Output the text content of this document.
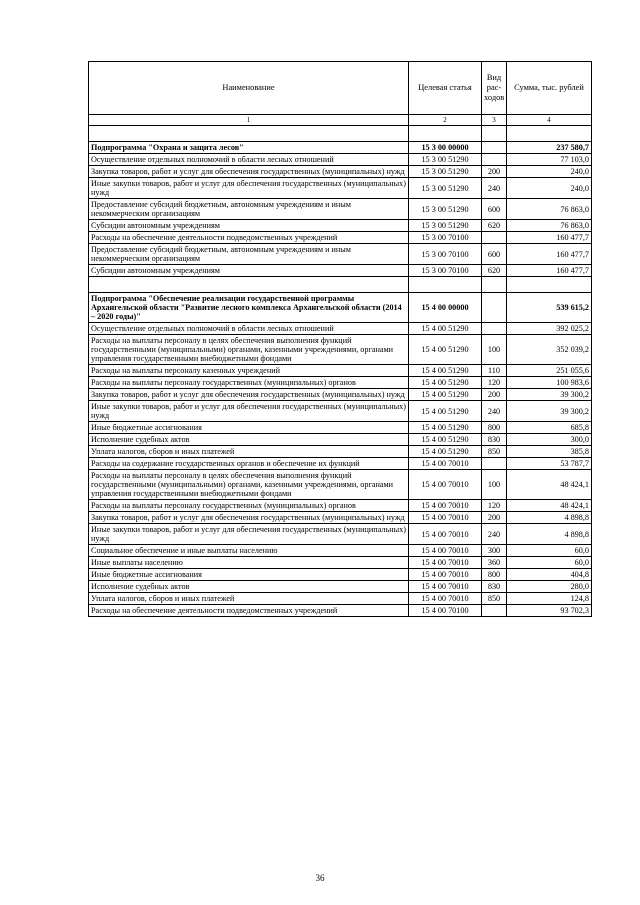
Наименование	Целевая статья	Вид рас-ходов	Сумма, тыс. рублей
1	2	3	4

Подпрограмма "Охрана и защита лесов"	15 3 00 00000		237 580,7
Осуществление отдельных полномочий в области лесных отношений	15 3 00 51290		77 103,0
Закупка товаров, работ и услуг для обеспечения государственных (муниципальных) нужд	15 3 00 51290	200	240,0
Иные закупки товаров, работ и услуг для обеспечения государственных (муниципальных) нужд	15 3 00 51290	240	240,0
Предоставление субсидий бюджетным, автономным учреждениям и иным некоммерческим организациям	15 3 00 51290	600	76 863,0
Субсидии автономным учреждениям	15 3 00 51290	620	76 863,0
Расходы на обеспечение деятельности подведомственных учреждений	15 3 00 70100		160 477,7
Предоставление субсидий бюджетным, автономным учреждениям и иным некоммерческим организациям	15 3 00 70100	600	160 477,7
Субсидии автономным учреждениям	15 3 00 70100	620	160 477,7

Подпрограмма "Обеспечение реализации государственной программы Архангельской области "Развитие лесного комплекса Архангельской области (2014 – 2020 годы)"	15 4 00 00000		539 615,2
Осуществление отдельных полномочий в области лесных отношений	15 4 00 51290		392 025,2
Расходы на выплаты персоналу в целях обеспечения выполнения функций государственными (муниципальными) органами, казенными учреждениями, органами управления государственными внебюджетными фондами	15 4 00 51290	100	352 039,2
Расходы на выплаты персоналу казенных учреждений	15 4 00 51290	110	251 055,6
Расходы на выплаты персоналу государственных (муниципальных) органов	15 4 00 51290	120	100 983,6
Закупка товаров, работ и услуг для обеспечения государственных (муниципальных) нужд	15 4 00 51290	200	39 300,2
Иные закупки товаров, работ и услуг для обеспечения государственных (муниципальных) нужд	15 4 00 51290	240	39 300,2
Иные бюджетные ассигнования	15 4 00 51290	800	685,8
Исполнение судебных актов	15 4 00 51290	830	300,0
Уплата налогов, сборов и иных платежей	15 4 00 51290	850	385,8
Расходы на содержание государственных органов и обеспечение их функций	15 4 00 70010		53 787,7
Расходы на выплаты персоналу в целях обеспечения выполнения функций государственными (муниципальными) органами, казенными учреждениями, органами управления государственными внебюджетными фондами	15 4 00 70010	100	48 424,1
Расходы на выплаты персоналу государственных (муниципальных) органов	15 4 00 70010	120	48 424,1
Закупка товаров, работ и услуг для обеспечения государственных (муниципальных) нужд	15 4 00 70010	200	4 898,8
Иные закупки товаров, работ и услуг для обеспечения государственных (муниципальных) нужд	15 4 00 70010	240	4 898,8
Социальное обеспечение и иные выплаты населению	15 4 00 70010	300	60,0
Иные выплаты населению	15 4 00 70010	360	60,0
Иные бюджетные ассигнования	15 4 00 70010	800	404,8
Исполнение судебных актов	15 4 00 70010	830	280,0
Уплата налогов, сборов и иных платежей	15 4 00 70010	850	124,8
Расходы на обеспечение деятельности подведомственных учреждений	15 4 00 70100		93 702,3
36
